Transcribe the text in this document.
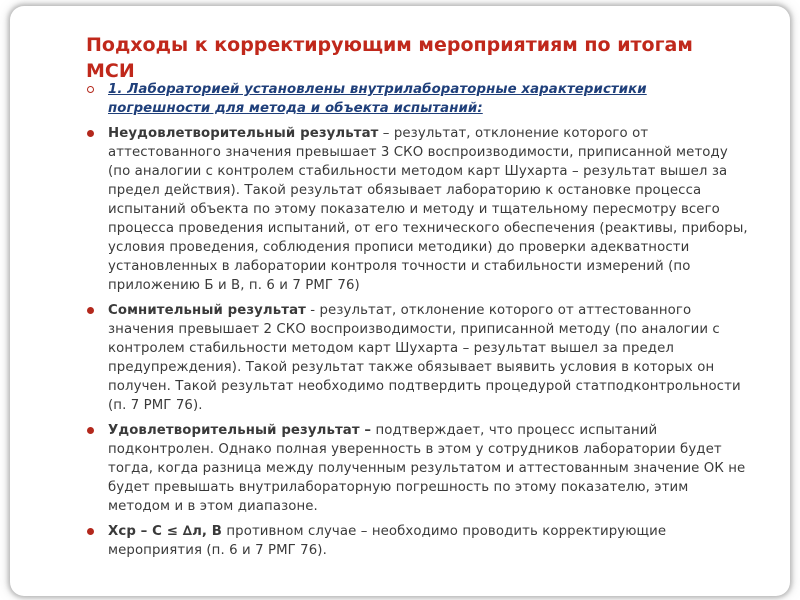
Подходы к корректирующим мероприятиям по итогам МСИ
1. Лабораторией установлены внутрилабораторные характеристики погрешности для метода и объекта испытаний:
Неудовлетворительный результат – результат, отклонение которого от аттестованного значения превышает 3 СКО воспроизводимости, приписанной методу (по аналогии с контролем стабильности методом карт Шухарта – результат вышел за предел действия). Такой результат обязывает лабораторию к остановке процесса испытаний объекта по этому показателю и методу и тщательному пересмотру всего процесса проведения испытаний, от его технического обеспечения (реактивы, приборы, условия проведения, соблюдения прописи методики) до проверки адекватности установленных в лаборатории контроля точности и стабильности измерений (по приложению Б и В, п. 6 и 7 РМГ 76)
Сомнительный результат - результат, отклонение которого от аттестованного значения превышает 2 СКО воспроизводимости, приписанной методу (по аналогии с контролем стабильности методом карт Шухарта – результат вышел за предел предупреждения). Такой результат также обязывает выявить условия в которых он получен. Такой результат необходимо подтвердить процедурой статподконтрольности (п. 7 РМГ 76).
Удовлетворительный результат – подтверждает, что процесс испытаний подконтролен. Однако полная уверенность в этом у сотрудников лаборатории будет тогда, когда разница между полученным результатом и аттестованным значение ОК не будет превышать внутрилабораторную погрешность по этому показателю, этим методом и в этом диапазоне.
Xср – C ≤ ∆л, В противном случае – необходимо проводить корректирующие мероприятия (п. 6 и 7 РМГ 76).
